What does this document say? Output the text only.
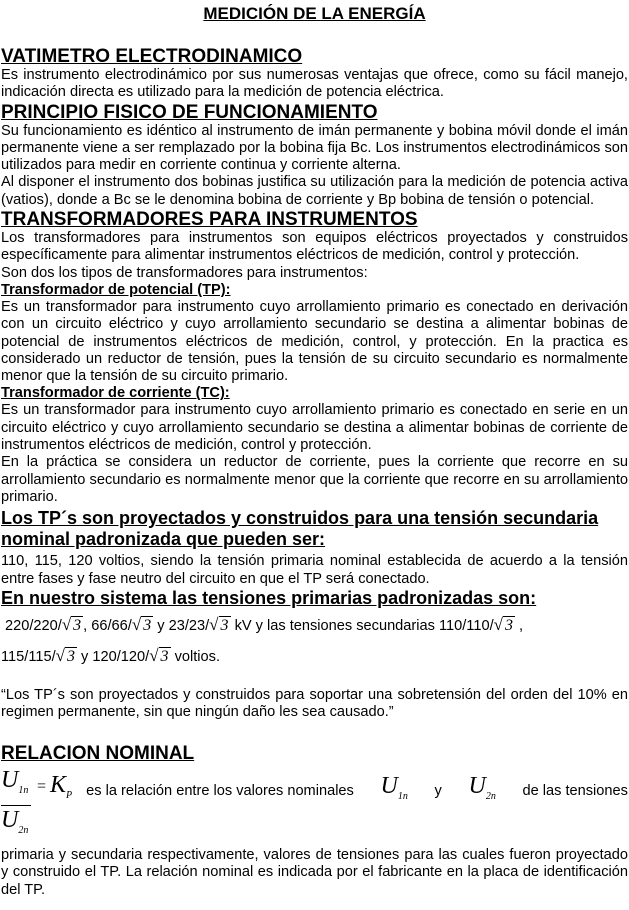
MEDICIÓN DE LA ENERGÍA
VATIMETRO ELECTRODINAMICO

Es instrumento electrodinámico por sus numerosas ventajas que ofrece, como su fácil manejo, indicación directa es utilizado para la medición de potencia eléctrica.

PRINCIPIO FISICO DE FUNCIONAMIENTO

Su funcionamiento es idéntico al instrumento de imán permanente y bobina móvil donde el imán permanente viene a ser remplazado por la bobina fija Bc. Los instrumentos electrodinámicos son utilizados para medir en corriente continua y corriente alterna.

Al disponer el instrumento dos bobinas justifica su utilización para la medición de potencia activa (vatios), donde a Bc se le denomina bobina de corriente y Bp bobina de tensión o potencial.

TRANSFORMADORES PARA INSTRUMENTOS

Los transformadores para instrumentos son equipos eléctricos proyectados y construidos específicamente para alimentar instrumentos eléctricos de medición, control y protección.

Son dos los tipos de transformadores para instrumentos:

Transformador de potencial (TP):

Es un transformador para instrumento cuyo arrollamiento primario es conectado en derivación con un circuito eléctrico y cuyo arrollamiento secundario se destina a alimentar bobinas de potencial de instrumentos eléctricos de medición, control, y protección. En la practica es considerado un reductor de tensión, pues la tensión de su circuito secundario es normalmente menor que la tensión de su circuito primario.

Transformador de corriente (TC):

Es un transformador para instrumento cuyo arrollamiento primario es conectado en serie en un circuito eléctrico y cuyo arrollamiento secundario se destina a alimentar bobinas de corriente de instrumentos eléctricos de medición, control y protección.

En la práctica se considera un reductor de corriente, pues la corriente que recorre en su arrollamiento secundario es normalmente menor que la corriente que recorre en su arrollamiento primario.

Los TP´s son proyectados y construidos para una tensión secundaria nominal padronizada que pueden ser:

110, 115, 120 voltios, siendo la tensión primaria nominal establecida de acuerdo a la tensión entre fases y fase neutro del circuito en que el TP será conectado.

En nuestro sistema las tensiones primarias padronizadas son:

220/220/√ 3 , 66/66/√ 3 y 23/23/√ 3 kV y las tensiones secundarias 110/110/√ 3 ,

115/115/√ 3 y 120/120/√ 3 voltios.

“Los TP´s son proyectados y construidos para soportar una sobretensión del orden del 10% en regimen permanente, sin que ningún daño les sea causado.”

RELACION NOMINAL
$\frac{U_{1n}}{U_{2n}} = K_P$ es la relación entre los valores nominales $U_{1n}$ y $U_{2n}$ de las tensiones

primaria y secundaria respectivamente, valores de tensiones para las cuales fueron proyectado y construido el TP. La relación nominal es indicada por el fabricante en la placa de identificación del TP.
